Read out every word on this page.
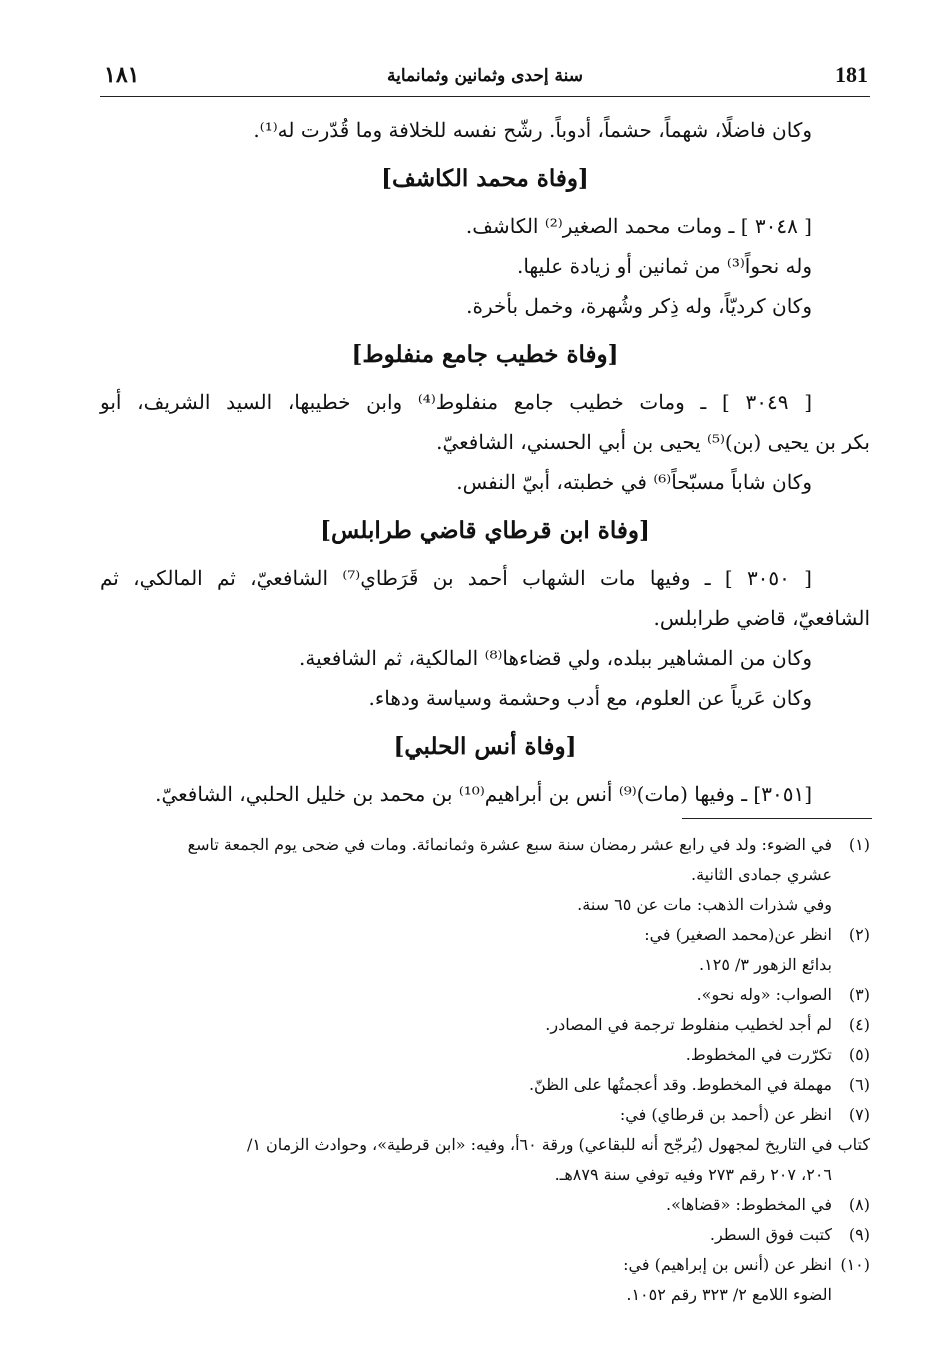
١٨١	سنة إحدى وثمانين وثمانماية	181
وكان فاضلًا، شهماً، حشماً، أدوباً. رشّح نفسه للخلافة وما قُدّرت له⁽¹⁾.
[وفاة محمد الكاشف]
[ ٣٠٤٨ ] ـ ومات محمد الصغير⁽²⁾ الكاشف.
وله نحواً⁽³⁾ من ثمانين أو زيادة عليها.
وكان كرديّاً، وله ذِكر وشُهرة، وخمل بأخرة.
[وفاة خطيب جامع منفلوط]
[ ٣٠٤٩ ] ـ ومات خطيب جامع منفلوط⁽⁴⁾ وابن خطيبها، السيد الشريف، أبو
بكر بن يحيى (بن)⁽⁵⁾ يحيى بن أبي الحسني، الشافعيّ.
وكان شاباً مسبّحاً⁽⁶⁾ في خطبته، أبيّ النفس.
[وفاة ابن قرطاي قاضي طرابلس]
[ ٣٠٥٠ ] ـ وفيها مات الشهاب أحمد بن قَرَطاي⁽⁷⁾ الشافعيّ، ثم المالكي، ثم
الشافعيّ، قاضي طرابلس.
وكان من المشاهير ببلده، ولي قضاءها⁽⁸⁾ المالكية، ثم الشافعية.
وكان عَرياً عن العلوم، مع أدب وحشمة وسياسة ودهاء.
[وفاة أنس الحلبي]
[٣٠٥١] ـ وفيها (مات)⁽⁹⁾ أنس بن أبراهيم⁽¹⁰⁾ بن محمد بن خليل الحلبي، الشافعيّ.
(١)في الضوء: ولد في رابع عشر رمضان سنة سبع عشرة وثمانمائة. ومات في ضحى يوم الجمعة تاسع
عشري جمادى الثانية.
وفي شذرات الذهب: مات عن ٦٥ سنة.
(٢)انظر عن(محمد الصغير) في:
بدائع الزهور ٣/ ١٢٥.
(٣)الصواب: «وله نحو».
(٤)لم أجد لخطيب منفلوط ترجمة في المصادر.
(٥)تكرّرت في المخطوط.
(٦)مهملة في المخطوط. وقد أعجمتُها على الظنّ.
(٧)انظر عن (أحمد بن قرطاي) في:
كتاب في التاريخ لمجهول (يُرجّح أنه للبقاعي) ورقة ٦٠أ، وفيه: «ابن قرطية»، وحوادث الزمان ١/
٢٠٦، ٢٠٧ رقم ٢٧٣ وفيه توفي سنة ٨٧٩هـ.
(٨)في المخطوط: «قضاها».
(٩)كتبت فوق السطر.
(١٠)انظر عن (أنس بن إبراهيم) في:
الضوء اللامع ٢/ ٣٢٣ رقم ١٠٥٢.
